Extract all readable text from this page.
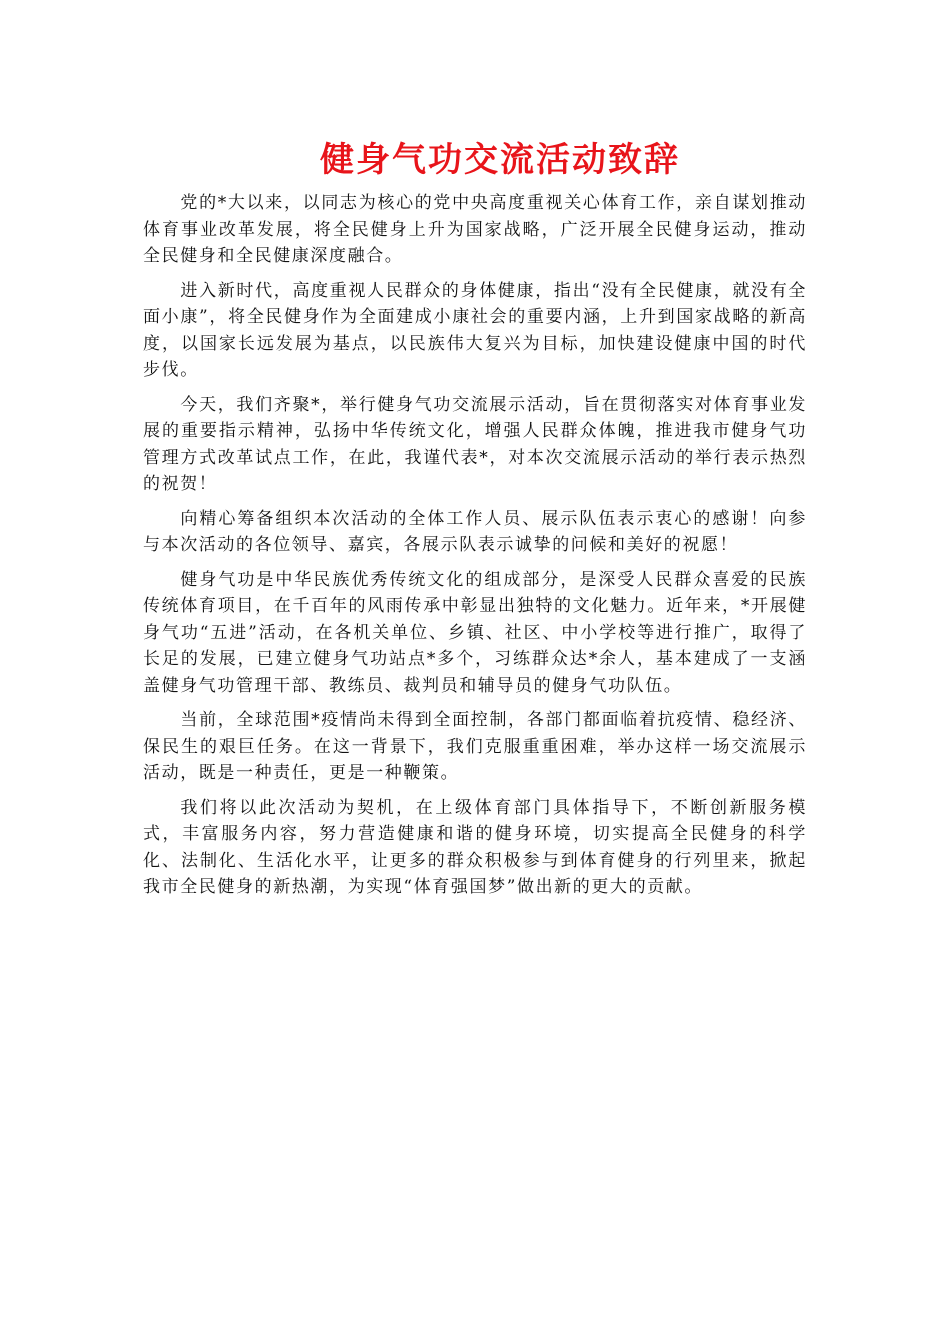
健身气功交流活动致辞

党的*大以来，以同志为核心的党中央高度重视关心体育工作，亲自谋划推动体育事业改革发展，将全民健身上升为国家战略，广泛开展全民健身运动，推动全民健身和全民健康深度融合。

进入新时代，高度重视人民群众的身体健康，指出“没有全民健康，就没有全面小康”，将全民健身作为全面建成小康社会的重要内涵，上升到国家战略的新高度，以国家长远发展为基点，以民族伟大复兴为目标，加快建设健康中国的时代步伐。

今天，我们齐聚*，举行健身气功交流展示活动，旨在贯彻落实对体育事业发展的重要指示精神，弘扬中华传统文化，增强人民群众体魄，推进我市健身气功管理方式改革试点工作，在此，我谨代表*，对本次交流展示活动的举行表示热烈的祝贺！

向精心筹备组织本次活动的全体工作人员、展示队伍表示衷心的感谢！向参与本次活动的各位领导、嘉宾，各展示队表示诚挚的问候和美好的祝愿！

健身气功是中华民族优秀传统文化的组成部分，是深受人民群众喜爱的民族传统体育项目，在千百年的风雨传承中彰显出独特的文化魅力。近年来，*开展健身气功“五进”活动，在各机关单位、乡镇、社区、中小学校等进行推广，取得了长足的发展，已建立健身气功站点*多个，习练群众达*余人，基本建成了一支涵盖健身气功管理干部、教练员、裁判员和辅导员的健身气功队伍。

当前，全球范围*疫情尚未得到全面控制，各部门都面临着抗疫情、稳经济、保民生的艰巨任务。在这一背景下，我们克服重重困难，举办这样一场交流展示活动，既是一种责任，更是一种鞭策。

我们将以此次活动为契机，在上级体育部门具体指导下，不断创新服务模式，丰富服务内容，努力营造健康和谐的健身环境，切实提高全民健身的科学化、法制化、生活化水平，让更多的群众积极参与到体育健身的行列里来，掀起我市全民健身的新热潮，为实现“体育强国梦”做出新的更大的贡献。
